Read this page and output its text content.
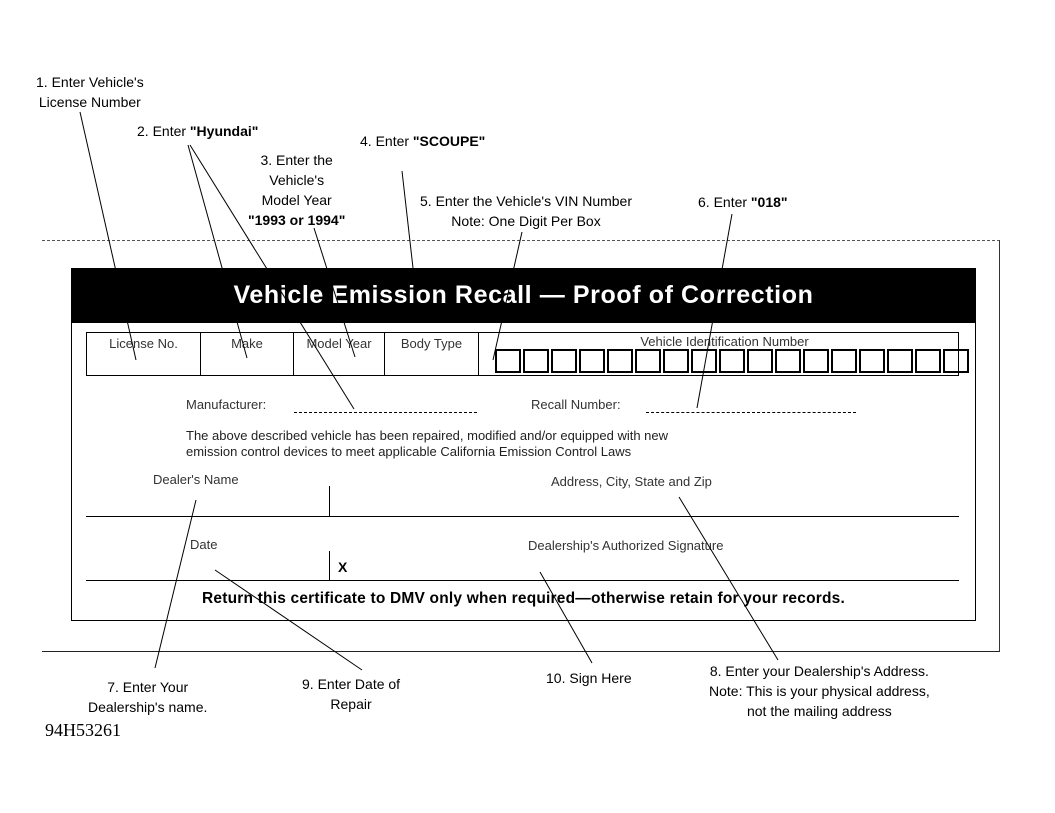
1. Enter Vehicle's
License Number
2. Enter "Hyundai"
3. Enter the
Vehicle's
Model Year
"1993 or 1994"
4. Enter "SCOUPE"
5. Enter the Vehicle's VIN Number
Note: One Digit Per Box
6. Enter "018"
7. Enter Your
Dealership's name.
8. Enter your Dealership's Address.
Note: This is your physical address,
not the mailing address
9. Enter Date of
Repair
10. Sign Here
Vehicle Emission Recall — Proof of Correction
License No.	Make	Model Year	Body Type	Vehicle Identification Number
Manufacturer:	Recall Number:
The above described vehicle has been repaired, modified and/or equipped with new
emission control devices to meet applicable California Emission Control Laws
Dealer's Name	Address, City, State and Zip
Date	Dealership's Authorized Signature
X
Return this certificate to DMV only when required—otherwise retain for your records.
94H53261
